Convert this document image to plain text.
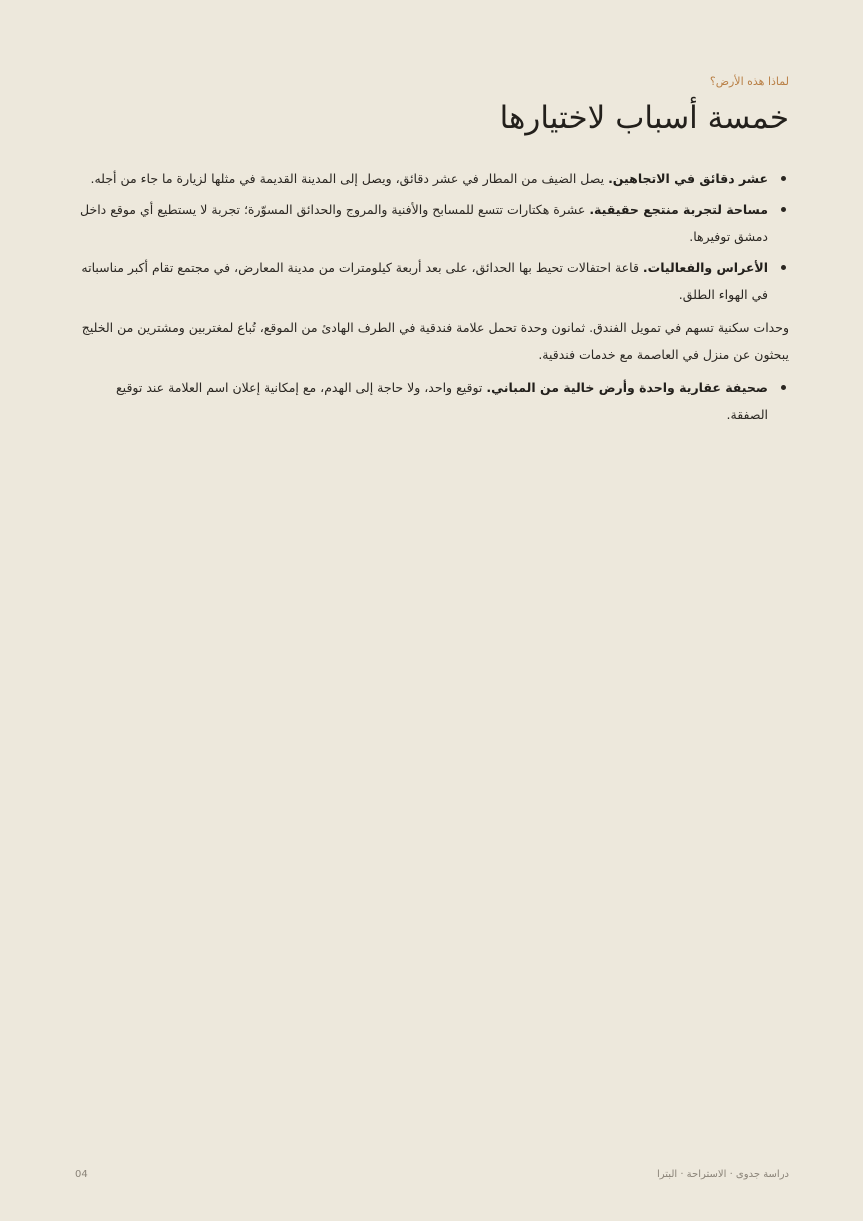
لماذا هذه الأرض؟
خمسة أسباب لاختيارها
عشر دقائق في الاتجاهين. يصل الضيف من المطار في عشر دقائق، ويصل إلى المدينة القديمة في مثلها لزيارة ما جاء من أجله.
مساحة لتجربة منتجع حقيقية. عشرة هكتارات تتسع للمسابح والأفنية والمروج والحدائق المسوّرة؛ تجربة لا يستطيع أي موقع داخل دمشق توفيرها.
الأعراس والفعاليات. قاعة احتفالات تحيط بها الحدائق، على بعد أربعة كيلومترات من مدينة المعارض، في مجتمع تقام أكبر مناسباته في الهواء الطلق.

وحدات سكنية تسهم في تمويل الفندق. ثمانون وحدة تحمل علامة فندقية في الطرف الهادئ من الموقع، تُباع لمغتربين ومشترين من الخليج يبحثون عن منزل في العاصمة مع خدمات فندقية.

صحيفة عقارية واحدة وأرض خالية من المباني. توقيع واحد، ولا حاجة إلى الهدم، مع إمكانية إعلان اسم العلامة عند توقيع الصفقة.
دراسة جدوى · الاستراحة · البترا
04
